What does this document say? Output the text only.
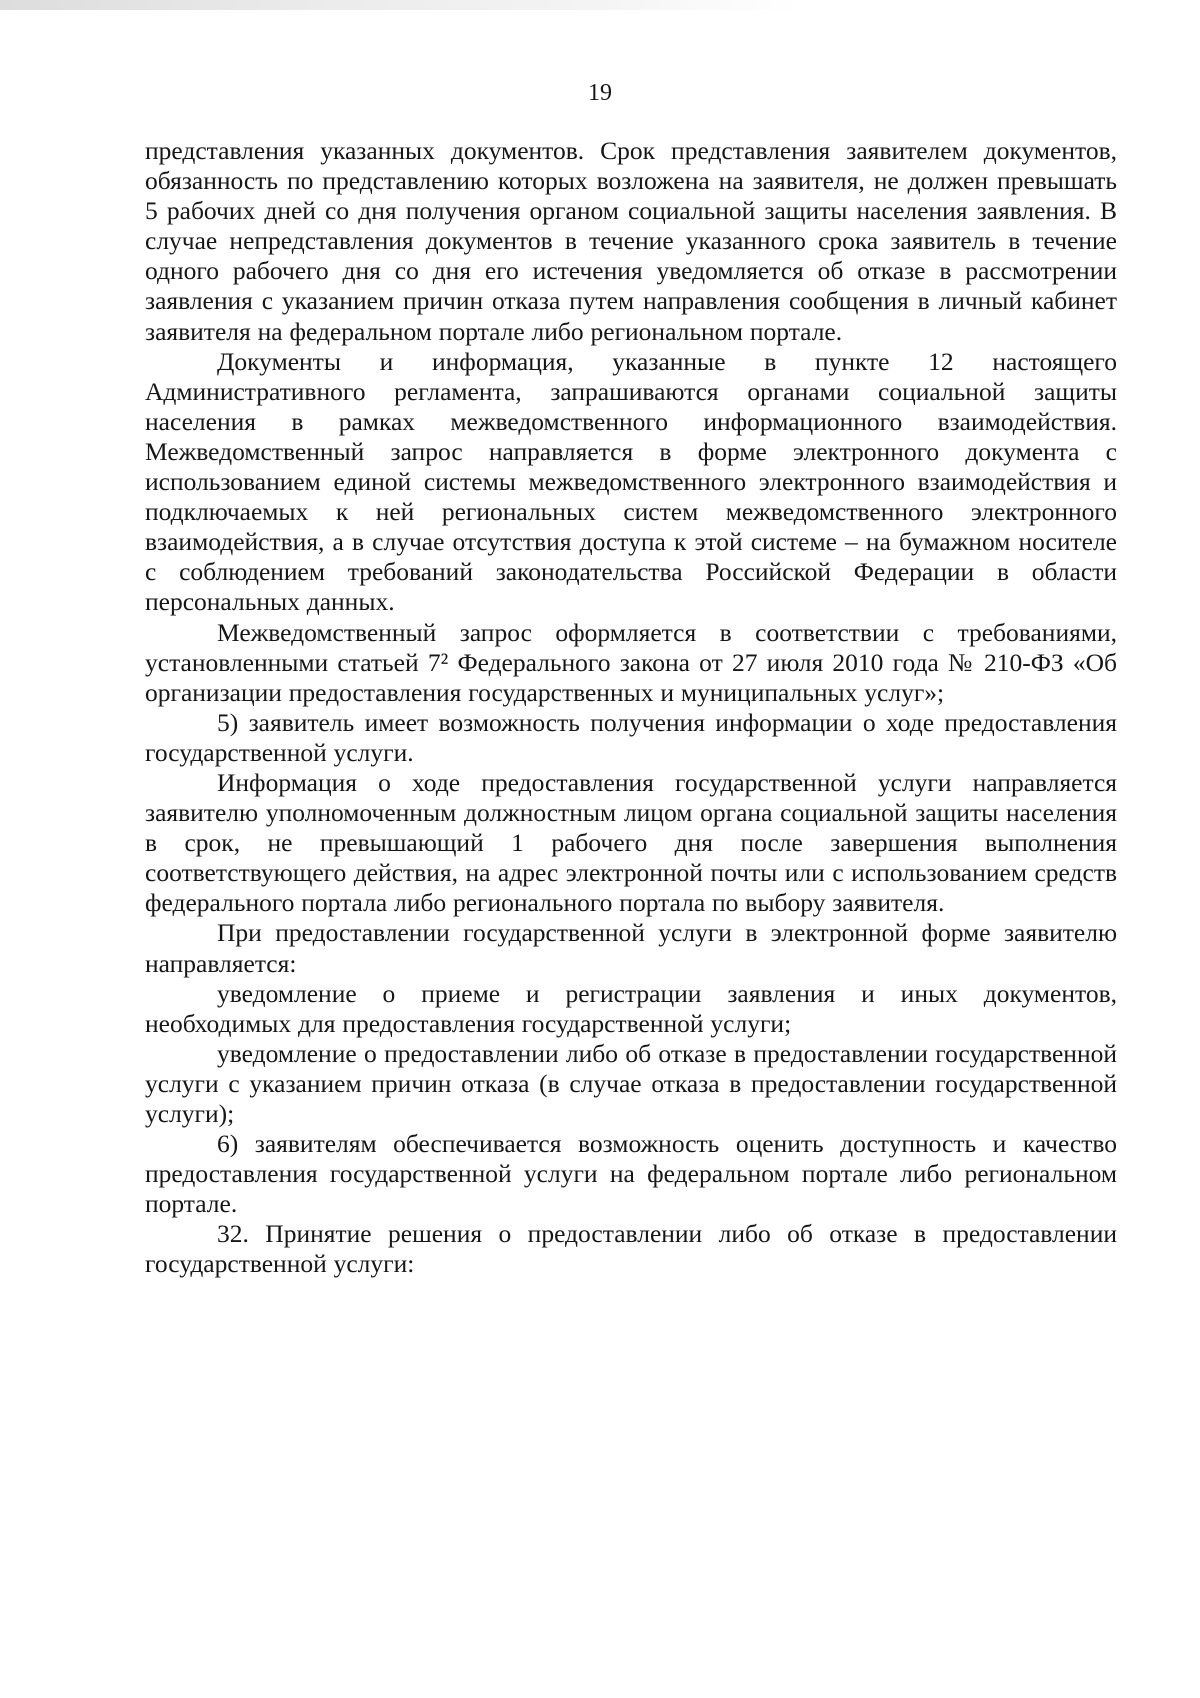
19

представления указанных документов. Срок представления заявителем документов, обязанность по представлению которых возложена на заявителя, не должен превышать 5 рабочих дней со дня получения органом социальной защиты населения заявления. В случае непредставления документов в течение указанного срока заявитель в течение одного рабочего дня со дня его истечения уведомляется об отказе в рассмотрении заявления с указанием причин отказа путем направления сообщения в личный кабинет заявителя на федеральном портале либо региональном портале.

Документы и информация, указанные в пункте 12 настоящего Административного регламента, запрашиваются органами социальной защиты населения в рамках межведомственного информационного взаимодействия. Межведомственный запрос направляется в форме электронного документа с использованием единой системы межведомственного электронного взаимодействия и подключаемых к ней региональных систем межведомственного электронного взаимодействия, а в случае отсутствия доступа к этой системе – на бумажном носителе с соблюдением требований законодательства Российской Федерации в области персональных данных.

Межведомственный запрос оформляется в соответствии с требованиями, установленными статьей 7² Федерального закона от 27 июля 2010 года № 210-ФЗ «Об организации предоставления государственных и муниципальных услуг»;

5) заявитель имеет возможность получения информации о ходе предоставления государственной услуги.

Информация о ходе предоставления государственной услуги направляется заявителю уполномоченным должностным лицом органа социальной защиты населения в срок, не превышающий 1 рабочего дня после завершения выполнения соответствующего действия, на адрес электронной почты или с использованием средств федерального портала либо регионального портала по выбору заявителя.

При предоставлении государственной услуги в электронной форме заявителю направляется:

уведомление о приеме и регистрации заявления и иных документов, необходимых для предоставления государственной услуги;

уведомление о предоставлении либо об отказе в предоставлении государственной услуги с указанием причин отказа (в случае отказа в предоставлении государственной услуги);

6) заявителям обеспечивается возможность оценить доступность и качество предоставления государственной услуги на федеральном портале либо региональном портале.

32. Принятие решения о предоставлении либо об отказе в предоставлении государственной услуги:
